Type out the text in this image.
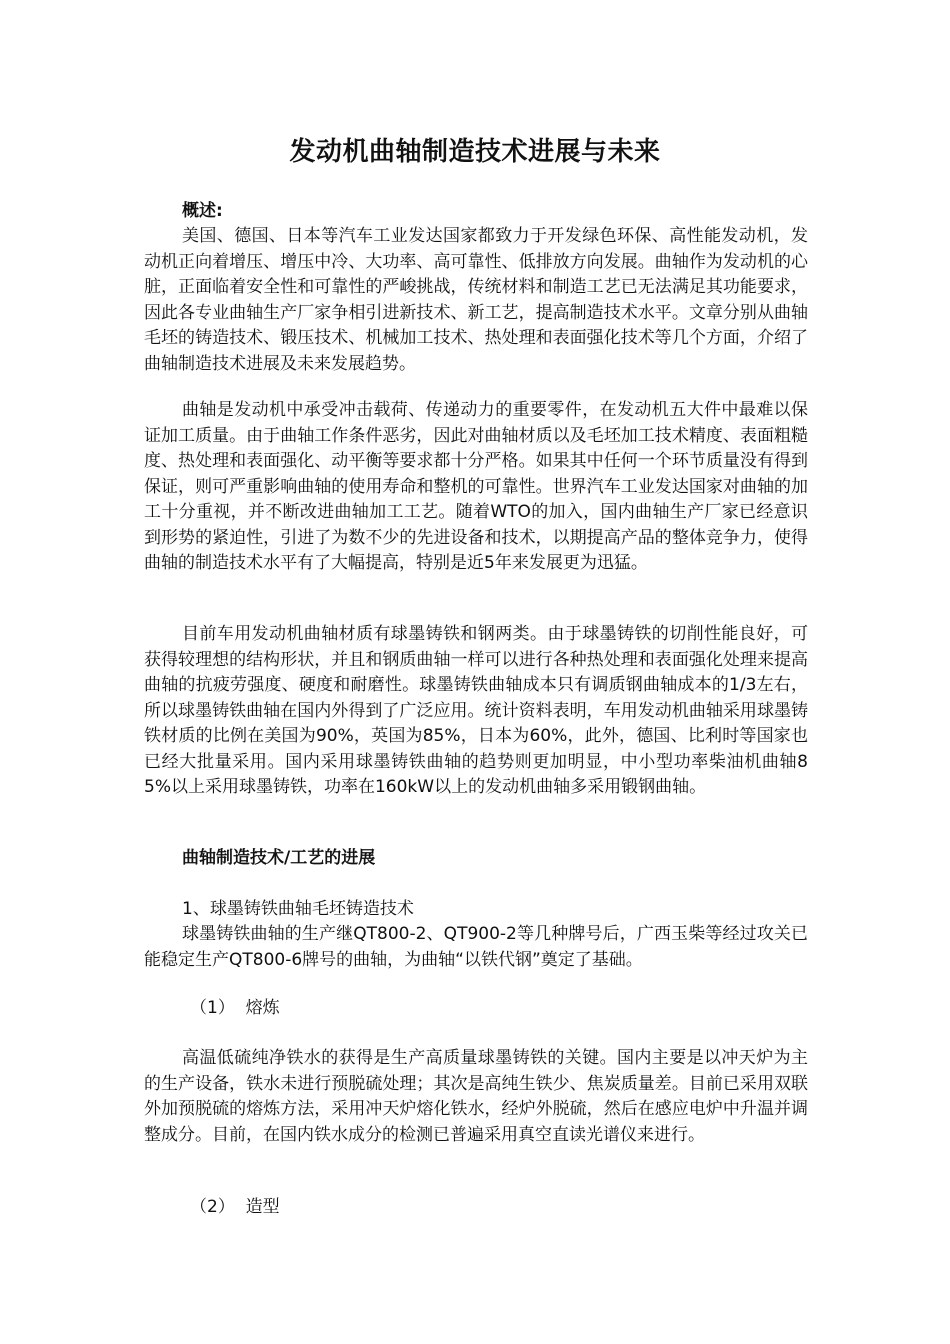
发动机曲轴制造技术进展与未来
概述:

美国、德国、日本等汽车工业发达国家都致力于开发绿色环保、高性能发动机，发动机正向着增压、增压中冷、大功率、高可靠性、低排放方向发展。曲轴作为发动机的心脏，正面临着安全性和可靠性的严峻挑战，传统材料和制造工艺已无法满足其功能要求，因此各专业曲轴生产厂家争相引进新技术、新工艺，提高制造技术水平。文章分别从曲轴毛坯的铸造技术、锻压技术、机械加工技术、热处理和表面强化技术等几个方面，介绍了曲轴制造技术进展及未来发展趋势。

曲轴是发动机中承受冲击载荷、传递动力的重要零件，在发动机五大件中最难以保证加工质量。由于曲轴工作条件恶劣，因此对曲轴材质以及毛坯加工技术精度、表面粗糙度、热处理和表面强化、动平衡等要求都十分严格。如果其中任何一个环节质量没有得到保证，则可严重影响曲轴的使用寿命和整机的可靠性。世界汽车工业发达国家对曲轴的加工十分重视，并不断改进曲轴加工工艺。随着WTO的加入，国内曲轴生产厂家已经意识到形势的紧迫性，引进了为数不少的先进设备和技术，以期提高产品的整体竞争力，使得曲轴的制造技术水平有了大幅提高，特别是近5年来发展更为迅猛。

目前车用发动机曲轴材质有球墨铸铁和钢两类。由于球墨铸铁的切削性能良好，可获得较理想的结构形状，并且和钢质曲轴一样可以进行各种热处理和表面强化处理来提高曲轴的抗疲劳强度、硬度和耐磨性。球墨铸铁曲轴成本只有调质钢曲轴成本的1/3左右，所以球墨铸铁曲轴在国内外得到了广泛应用。统计资料表明，车用发动机曲轴采用球墨铸铁材质的比例在美国为90%，英国为85%，日本为60%，此外，德国、比利时等国家也已经大批量采用。国内采用球墨铸铁曲轴的趋势则更加明显，中小型功率柴油机曲轴85%以上采用球墨铸铁，功率在160kW以上的发动机曲轴多采用锻钢曲轴。

曲轴制造技术/工艺的进展
1、球墨铸铁曲轴毛坯铸造技术

球墨铸铁曲轴的生产继QT800-2、QT900-2等几种牌号后，广西玉柴等经过攻关已能稳定生产QT800-6牌号的曲轴，为曲轴“以铁代钢”奠定了基础。

（1）  熔炼

高温低硫纯净铁水的获得是生产高质量球墨铸铁的关键。国内主要是以冲天炉为主的生产设备，铁水未进行预脱硫处理；其次是高纯生铁少、焦炭质量差。目前已采用双联外加预脱硫的熔炼方法，采用冲天炉熔化铁水，经炉外脱硫，然后在感应电炉中升温并调整成分。目前，在国内铁水成分的检测已普遍采用真空直读光谱仪来进行。

（2）  造型
